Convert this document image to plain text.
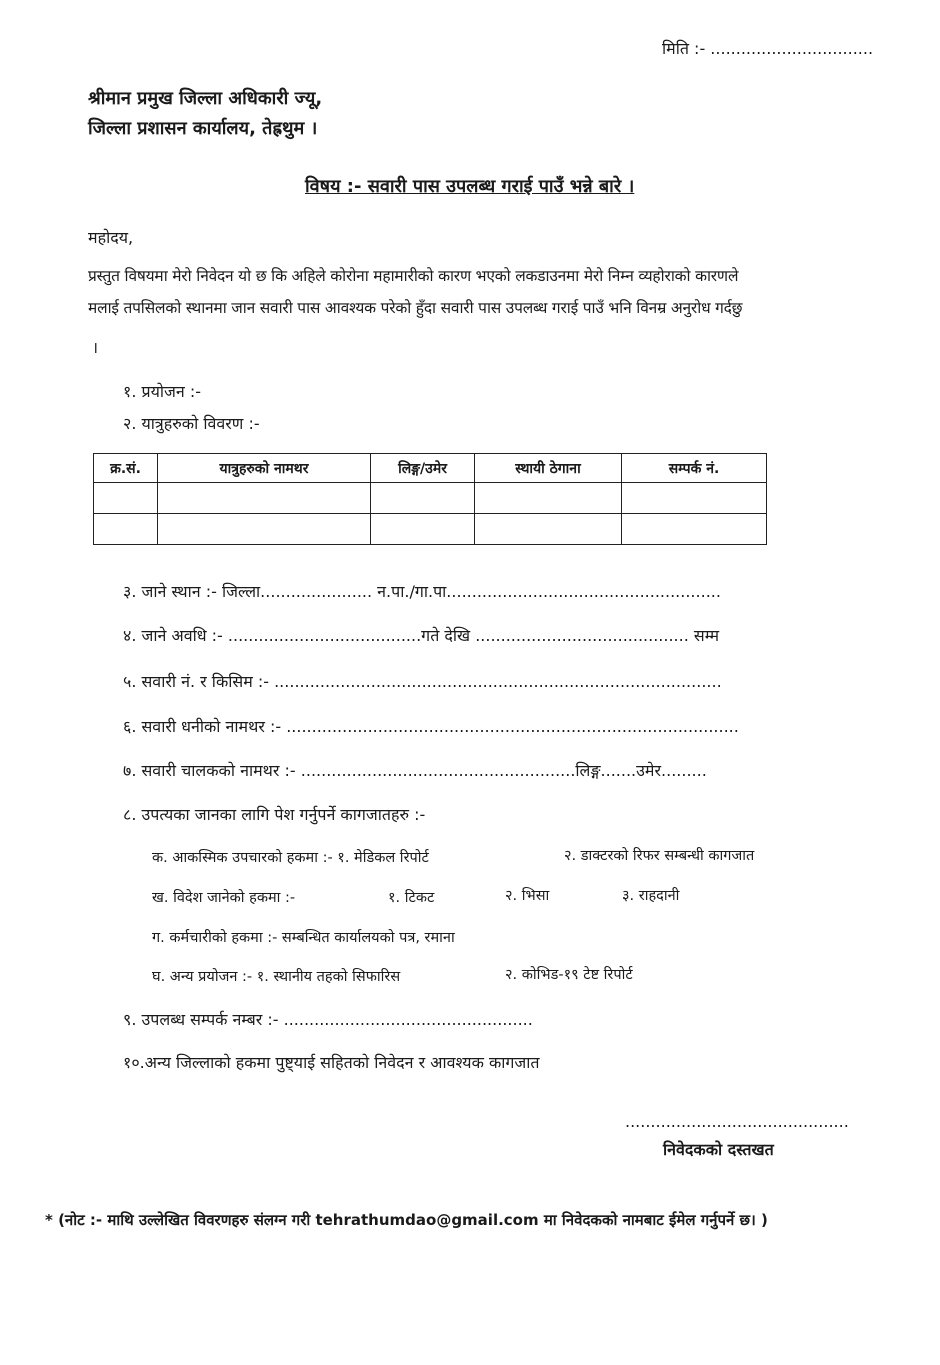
मिति :- ................................
श्रीमान प्रमुख जिल्ला अधिकारी ज्यू,
जिल्ला प्रशासन कार्यालय, तेह्रथुम ।
विषय :- सवारी पास उपलब्ध गराई पाउँ भन्ने बारे ।
महोदय,
प्रस्तुत विषयमा मेरो निवेदन यो छ कि अहिले कोरोना महामारीको कारण भएको लकडाउनमा मेरो निम्न व्यहोराको कारणले
मलाई तपसिलको स्थानमा जान सवारी पास आवश्यक परेको हुँदा सवारी पास उपलब्ध गराई पाउँ भनि विनम्र अनुरोध गर्दछु
।
१. प्रयोजन :-
२. यात्रुहरुको विवरण :-
क्र.सं.	यात्रुहरुको नामथर	लिङ्ग/उमेर	स्थायी ठेगाना	सम्पर्क नं.

३. जाने स्थान :- जिल्ला...................... न.पा./गा.पा......................................................
४. जाने अवधि :- ......................................गते देखि .......................................... सम्म
५. सवारी नं. र किसिम :- ........................................................................................
६. सवारी धनीको नामथर :- .........................................................................................
७. सवारी चालकको नामथर :- ......................................................लिङ्ग.......उमेर.........
८. उपत्यका जानका लागि पेश गर्नुपर्ने कागजातहरु :-
क. आकस्मिक उपचारको हकमा :- १. मेडिकल रिपोर्ट	२. डाक्टरको रिफर सम्बन्धी कागजात
ख. विदेश जानेको हकमा :-	१. टिकट	२. भिसा	३. राहदानी
ग. कर्मचारीको हकमा :- सम्बन्धित कार्यालयको पत्र, रमाना
घ. अन्य प्रयोजन :- १. स्थानीय तहको सिफारिस	२. कोभिड-१९ टेष्ट रिपोर्ट
९. उपलब्ध सम्पर्क नम्बर :- .................................................
१०.अन्य जिल्लाको हकमा पुष्ट्याई सहितको निवेदन र आवश्यक कागजात
............................................
निवेदकको दस्तखत
* (नोट :- माथि उल्लेखित विवरणहरु संलग्न गरी tehrathumdao@gmail.com मा निवेदकको नामबाट ईमेल गर्नुपर्ने छ। )
